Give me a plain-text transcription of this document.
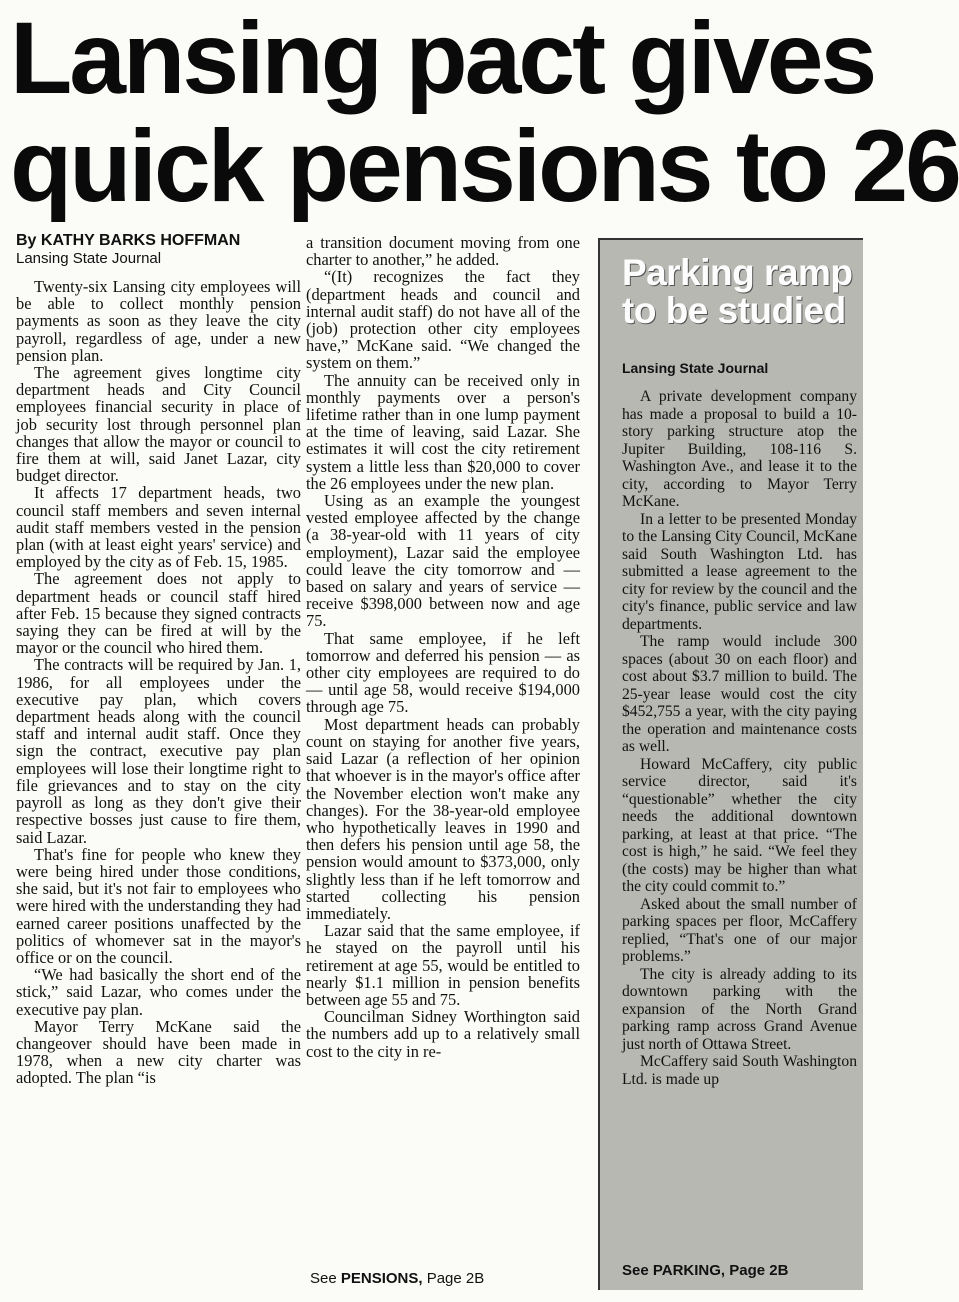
Lansing pact gives
quick pensions to 26
By KATHY BARKS HOFFMAN
Lansing State Journal

Twenty-six Lansing city employees will be able to collect monthly pension payments as soon as they leave the city payroll, regardless of age, under a new pension plan.

The agreement gives longtime city department heads and City Council employees financial security in place of job security lost through personnel plan changes that allow the mayor or council to fire them at will, said Janet Lazar, city budget director.

It affects 17 department heads, two council staff members and seven internal audit staff members vested in the pension plan (with at least eight years' service) and employed by the city as of Feb. 15, 1985.

The agreement does not apply to department heads or council staff hired after Feb. 15 because they signed contracts saying they can be fired at will by the mayor or the council who hired them.

The contracts will be required by Jan. 1, 1986, for all employees under the executive pay plan, which covers department heads along with the council staff and internal audit staff. Once they sign the contract, executive pay plan employees will lose their longtime right to file grievances and to stay on the city payroll as long as they don't give their respective bosses just cause to fire them, said Lazar.

That's fine for people who knew they were being hired under those conditions, she said, but it's not fair to employees who were hired with the understanding they had earned career positions unaffected by the politics of whomever sat in the mayor's office or on the council.

“We had basically the short end of the stick,” said Lazar, who comes under the executive pay plan.

Mayor Terry McKane said the changeover should have been made in 1978, when a new city charter was adopted. The plan “is

a transition document moving from one charter to another,” he added.

“(It) recognizes the fact they (department heads and council and internal audit staff) do not have all of the (job) protection other city employees have,” McKane said. “We changed the system on them.”

The annuity can be received only in monthly payments over a person's lifetime rather than in one lump payment at the time of leaving, said Lazar. She estimates it will cost the city retirement system a little less than $20,000 to cover the 26 employees under the new plan.

Using as an example the youngest vested employee affected by the change (a 38-year-old with 11 years of city employment), Lazar said the employee could leave the city tomorrow and — based on salary and years of service — receive $398,000 between now and age 75.

That same employee, if he left tomorrow and deferred his pension — as other city employees are required to do — until age 58, would receive $194,000 through age 75.

Most department heads can probably count on staying for another five years, said Lazar (a reflection of her opinion that whoever is in the mayor's office after the November election won't make any changes). For the 38-year-old employee who hypothetically leaves in 1990 and then defers his pension until age 58, the pension would amount to $373,000, only slightly less than if he left tomorrow and started collecting his pension immediately.

Lazar said that the same employee, if he stayed on the payroll until his retirement at age 55, would be entitled to nearly $1.1 million in pension benefits between age 55 and 75.

Councilman Sidney Worthington said the numbers add up to a relatively small cost to the city in re-

See PENSIONS, Page 2B
Parking ramp to be studied
Lansing State Journal

A private development company has made a proposal to build a 10-story parking structure atop the Jupiter Building, 108-116 S. Washington Ave., and lease it to the city, according to Mayor Terry McKane.

In a letter to be presented Monday to the Lansing City Council, McKane said South Washington Ltd. has submitted a lease agreement to the city for review by the council and the city's finance, public service and law departments.

The ramp would include 300 spaces (about 30 on each floor) and cost about $3.7 million to build. The 25-year lease would cost the city $452,755 a year, with the city paying the operation and maintenance costs as well.

Howard McCaffery, city public service director, said it's “questionable” whether the city needs the additional downtown parking, at least at that price. “The cost is high,” he said. “We feel they (the costs) may be higher than what the city could commit to.”

Asked about the small number of parking spaces per floor, McCaffery replied, “That's one of our major problems.”

The city is already adding to its downtown parking with the expansion of the North Grand parking ramp across Grand Avenue just north of Ottawa Street.

McCaffery said South Washington Ltd. is made up

See PARKING, Page 2B
